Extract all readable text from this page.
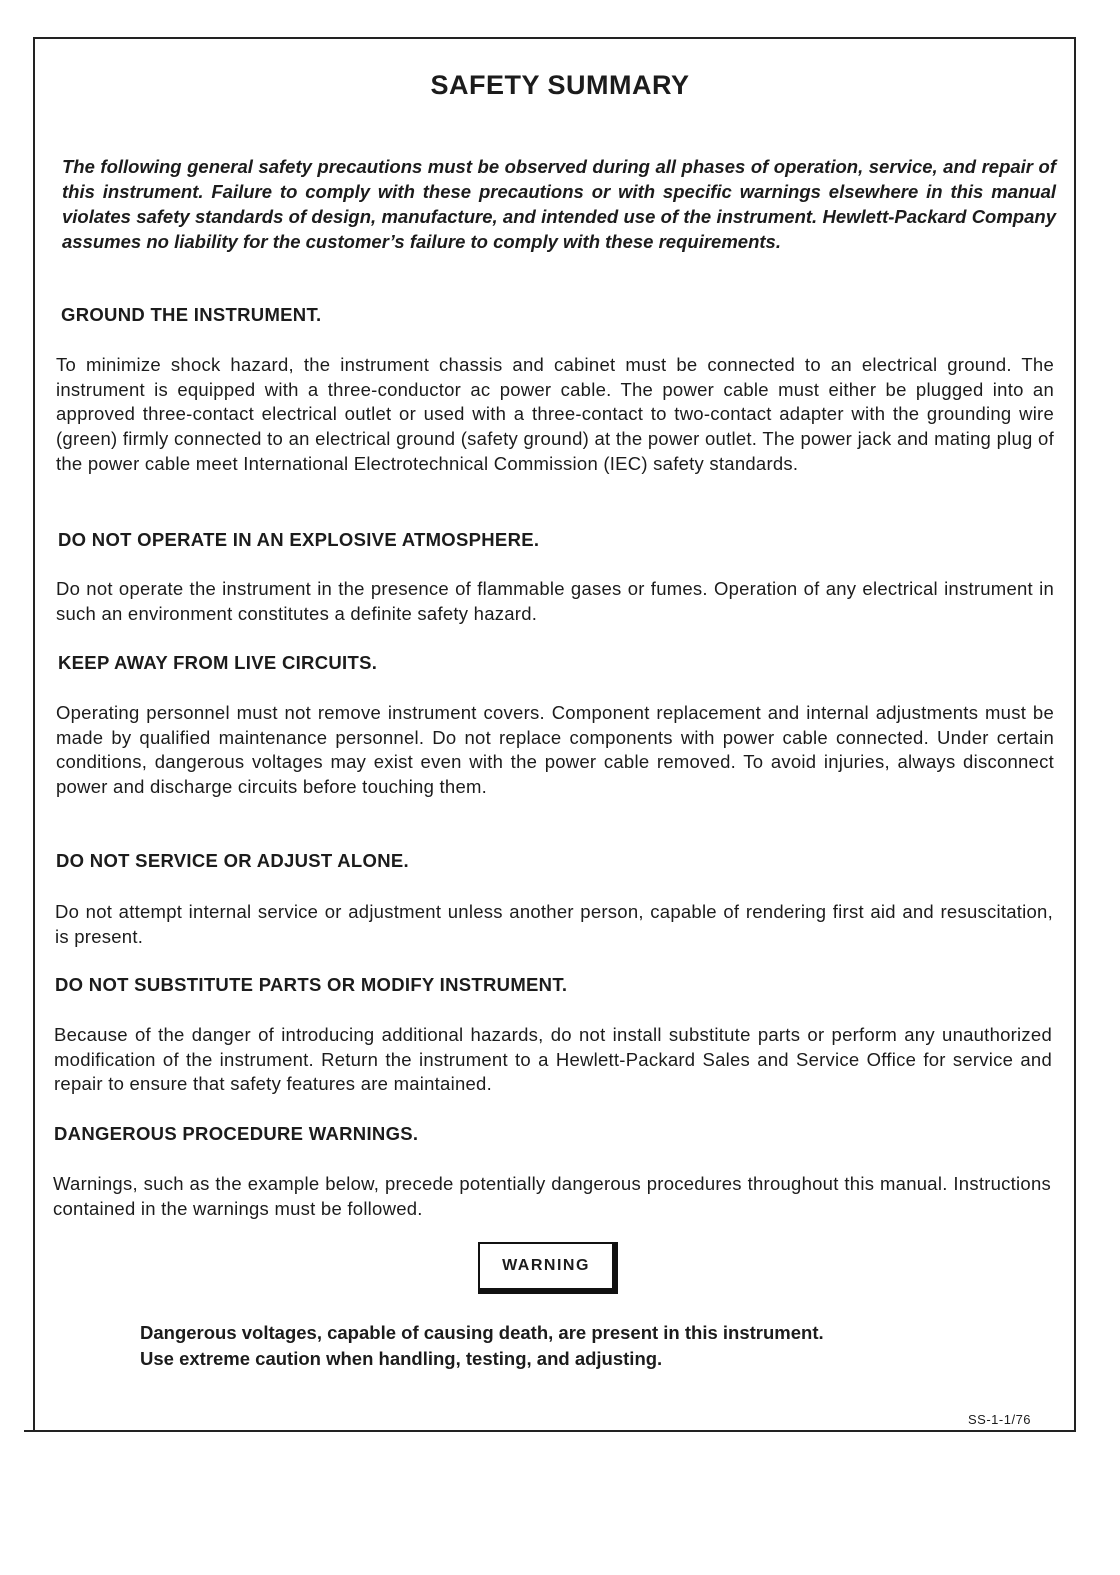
SAFETY SUMMARY

The following general safety precautions must be observed during all phases of operation, service, and repair of this instrument. Failure to comply with these precautions or with specific warnings elsewhere in this manual violates safety standards of design, manufacture, and intended use of the instrument. Hewlett-Packard Company assumes no liability for the customer’s failure to comply with these requirements.

GROUND THE INSTRUMENT.

To minimize shock hazard, the instrument chassis and cabinet must be connected to an electrical ground. The instrument is equipped with a three-conductor ac power cable. The power cable must either be plugged into an approved three-contact electrical outlet or used with a three-contact to two-contact adapter with the grounding wire (green) firmly connected to an electrical ground (safety ground) at the power outlet. The power jack and mating plug of the power cable meet International Electrotechnical Commission (IEC) safety standards.

DO NOT OPERATE IN AN EXPLOSIVE ATMOSPHERE.

Do not operate the instrument in the presence of flammable gases or fumes. Operation of any electrical instrument in such an environment constitutes a definite safety hazard.

KEEP AWAY FROM LIVE CIRCUITS.

Operating personnel must not remove instrument covers. Component replacement and internal adjustments must be made by qualified maintenance personnel. Do not replace components with power cable connected. Under certain conditions, dangerous voltages may exist even with the power cable removed. To avoid injuries, always disconnect power and discharge circuits before touching them.

DO NOT SERVICE OR ADJUST ALONE.

Do not attempt internal service or adjustment unless another person, capable of rendering first aid and resuscitation, is present.

DO NOT SUBSTITUTE PARTS OR MODIFY INSTRUMENT.

Because of the danger of introducing additional hazards, do not install substitute parts or perform any unauthorized modification of the instrument. Return the instrument to a Hewlett-Packard Sales and Service Office for service and repair to ensure that safety features are maintained.

DANGEROUS PROCEDURE WARNINGS.

Warnings, such as the example below, precede potentially dangerous procedures throughout this manual. Instructions contained in the warnings must be followed.

WARNING
Dangerous voltages, capable of causing death, are present in this instrument.
Use extreme caution when handling, testing, and adjusting.

SS-1-1/76
